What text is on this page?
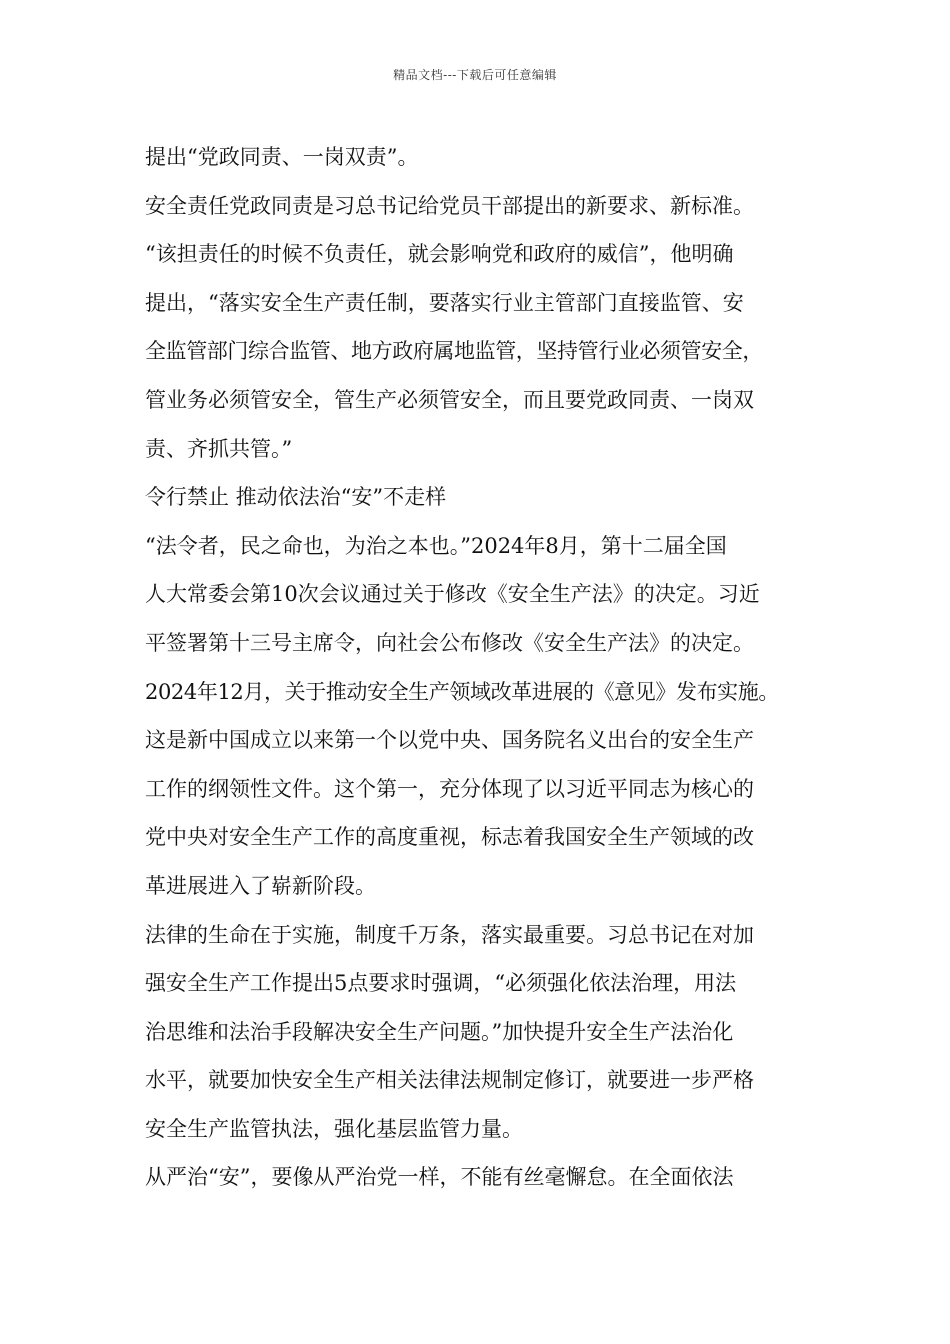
精品文档---下载后可任意编辑
提出“党政同责、一岗双责”。
安全责任党政同责是习总书记给党员干部提出的新要求、新标准。
“该担责任的时候不负责任，就会影响党和政府的威信”，他明确
提出，“落实安全生产责任制，要落实行业主管部门直接监管、安
全监管部门综合监管、地方政府属地监管，坚持管行业必须管安全，
管业务必须管安全，管生产必须管安全，而且要党政同责、一岗双
责、齐抓共管。”
令行禁止 推动依法治“安”不走样
“法令者，民之命也，为治之本也。”2024年8月，第十二届全国
人大常委会第10次会议通过关于修改《安全生产法》的决定。习近
平签署第十三号主席令，向社会公布修改《安全生产法》的决定。
2024年12月，关于推动安全生产领域改革进展的《意见》发布实施。
这是新中国成立以来第一个以党中央、国务院名义出台的安全生产
工作的纲领性文件。这个第一，充分体现了以习近平同志为核心的
党中央对安全生产工作的高度重视，标志着我国安全生产领域的改
革进展进入了崭新阶段。
法律的生命在于实施，制度千万条，落实最重要。习总书记在对加
强安全生产工作提出5点要求时强调，“必须强化依法治理，用法
治思维和法治手段解决安全生产问题。”加快提升安全生产法治化
水平，就要加快安全生产相关法律法规制定修订，就要进一步严格
安全生产监管执法，强化基层监管力量。
从严治“安”，要像从严治党一样，不能有丝毫懈怠。在全面依法
